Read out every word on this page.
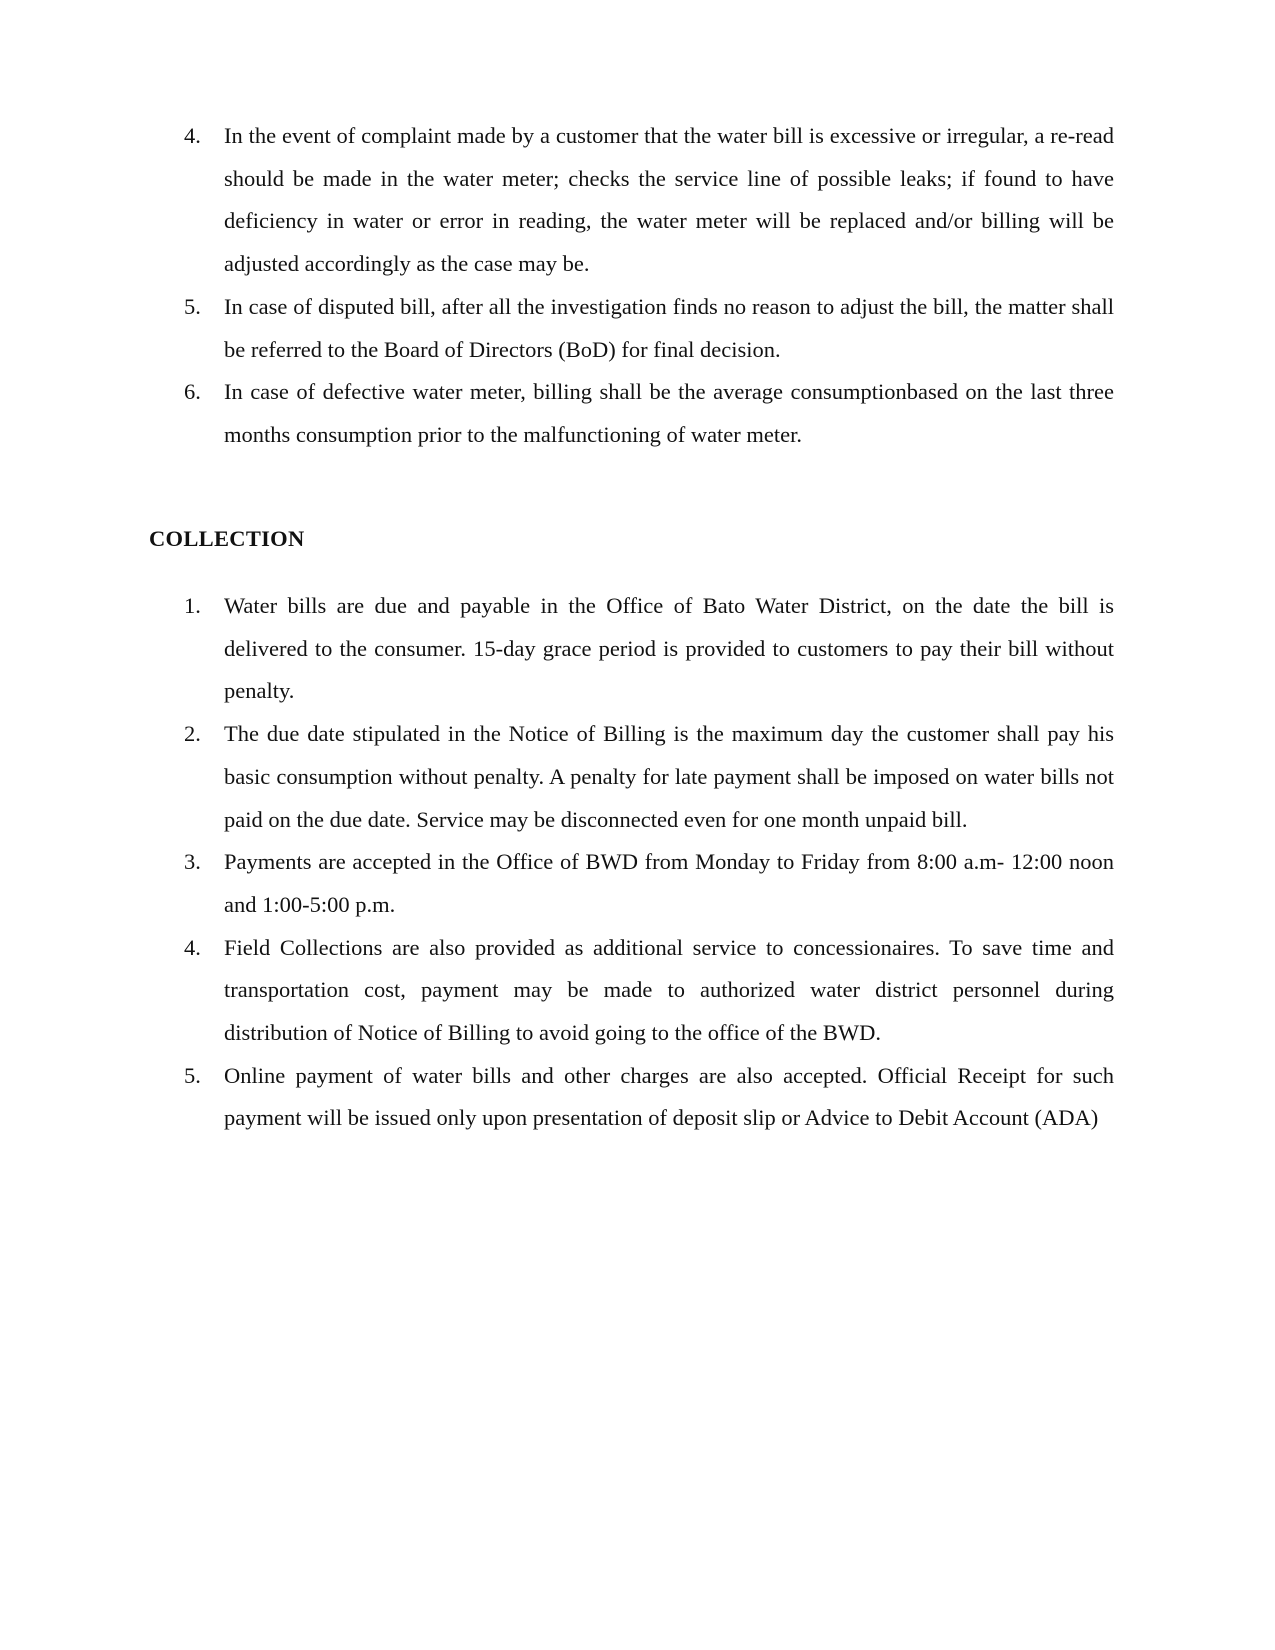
4.	In the event of complaint made by a customer that the water bill is excessive or irregular, a re-read should be made in the water meter; checks the service line of possible leaks; if found to have deficiency in water or error in reading, the water meter will be replaced and/or billing will be adjusted accordingly as the case may be.
5.	In case of disputed bill, after all the investigation finds no reason to adjust the bill, the matter shall be referred to the Board of Directors (BoD) for final decision.
6.	In case of defective water meter, billing shall be the average consumptionbased on the last three months consumption prior to the malfunctioning of water meter.
COLLECTION
1.	Water bills are due and payable in the Office of Bato Water District, on the date the bill is delivered to the consumer. 15-day grace period is provided to customers to pay their bill without penalty.
2.	The due date stipulated in the Notice of Billing is the maximum day the customer shall pay his basic consumption without penalty. A penalty for late payment shall be imposed on water bills not paid on the due date. Service may be disconnected even for one month unpaid bill.
3.	Payments are accepted in the Office of BWD from Monday to Friday from 8:00 a.m- 12:00 noon and 1:00-5:00 p.m.
4.	Field Collections are also provided as additional service to concessionaires. To save time and transportation cost, payment may be made to authorized water district personnel during distribution of Notice of Billing to avoid going to the office of the BWD.
5.	Online payment of water bills and other charges are also accepted. Official Receipt for such payment will be issued only upon presentation of deposit slip or Advice to Debit Account (ADA)
